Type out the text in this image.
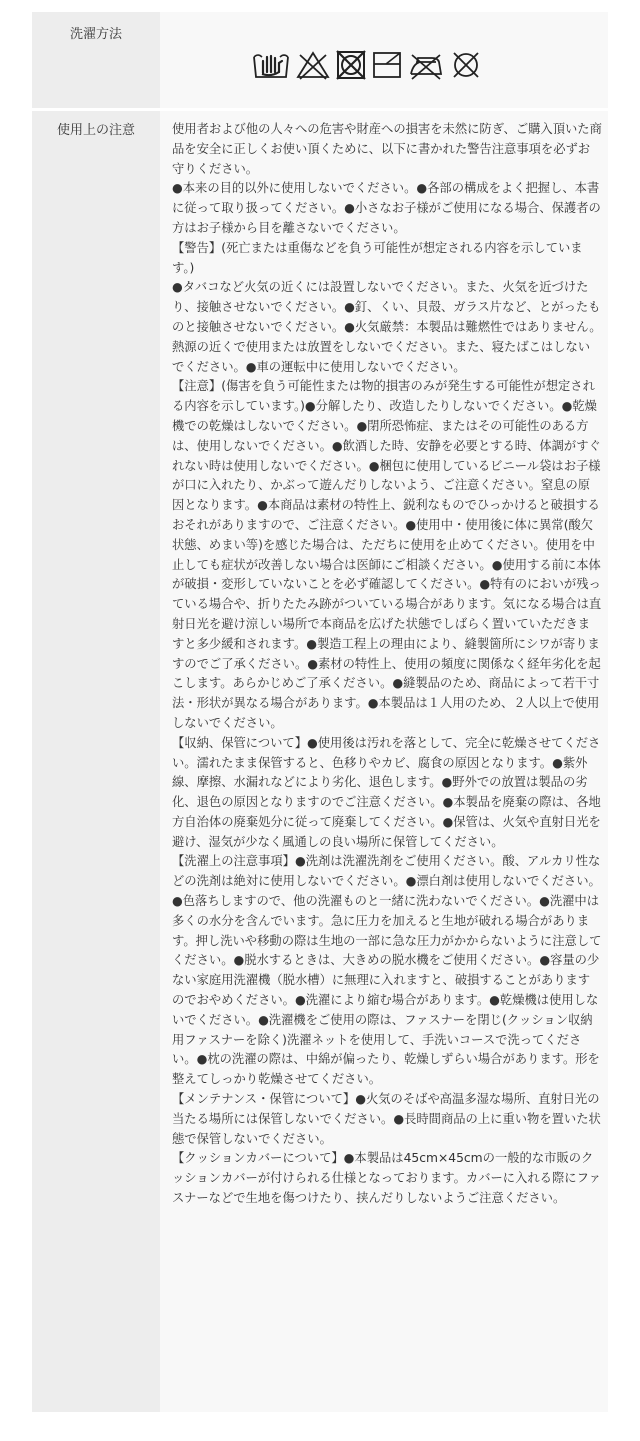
洗濯方法
使用上の注意	使用者および他の人々への危害や財産への損害を未然に防ぎ、ご購入頂いた商品を安全に正しくお使い頂くために、以下に書かれた警告注意事項を必ずお守りください。

●本来の目的以外に使用しないでください。●各部の構成をよく把握し、本書に従って取り扱ってください。●小さなお子様がご使用になる場合、保護者の方はお子様から目を離さないでください。

【警告】(死亡または重傷などを負う可能性が想定される内容を示しています。)

●タバコなど火気の近くには設置しないでください。また、火気を近づけたり、接触させないでください。●釘、くい、貝殻、ガラス片など、とがったものと接触させないでください。●火気厳禁：本製品は難燃性ではありません。熱源の近くで使用または放置をしないでください。また、寝たばこはしないでください。●車の運転中に使用しないでください。

【注意】(傷害を負う可能性または物的損害のみが発生する可能性が想定される内容を示しています。)●分解したり、改造したりしないでください。●乾燥機での乾燥はしないでください。●閉所恐怖症、またはその可能性のある方は、使用しないでください。●飲酒した時、安静を必要とする時、体調がすぐれない時は使用しないでください。●梱包に使用しているビニール袋はお子様が口に入れたり、かぶって遊んだりしないよう、ご注意ください。窒息の原因となります。●本商品は素材の特性上、鋭利なものでひっかけると破損するおそれがありますので、ご注意ください。●使用中・使用後に体に異常(酸欠状態、めまい等)を感じた場合は、ただちに使用を止めてください。使用を中止しても症状が改善しない場合は医師にご相談ください。●使用する前に本体が破損・変形していないことを必ず確認してください。●特有のにおいが残っている場合や、折りたたみ跡がついている場合があります。気になる場合は直射日光を避け涼しい場所で本商品を広げた状態でしばらく置いていただきますと多少緩和されます。●製造工程上の理由により、縫製箇所にシワが寄りますのでご了承ください。●素材の特性上、使用の頻度に関係なく経年劣化を起こします。あらかじめご了承ください。●縫製品のため、商品によって若干寸法・形状が異なる場合があります。●本製品は１人用のため、２人以上で使用しないでください。

【収納、保管について】●使用後は汚れを落として、完全に乾燥させてください。濡れたまま保管すると、色移りやカビ、腐食の原因となります。●紫外線、摩擦、水漏れなどにより劣化、退色します。●野外での放置は製品の劣化、退色の原因となりますのでご注意ください。●本製品を廃棄の際は、各地方自治体の廃棄処分に従って廃棄してください。●保管は、火気や直射日光を避け、湿気が少なく風通しの良い場所に保管してください。

【洗濯上の注意事項】●洗剤は洗濯洗剤をご使用ください。酸、アルカリ性などの洗剤は絶対に使用しないでください。●漂白剤は使用しないでください。●色落ちしますので、他の洗濯ものと一緒に洗わないでください。●洗濯中は多くの水分を含んでいます。急に圧力を加えると生地が破れる場合があります。押し洗いや移動の際は生地の一部に急な圧力がかからないように注意してください。●脱水するときは、大きめの脱水機をご使用ください。●容量の少ない家庭用洗濯機（脱水槽）に無理に入れますと、破損することがありますのでおやめください。●洗濯により縮む場合があります。●乾燥機は使用しないでください。●洗濯機をご使用の際は、ファスナーを閉じ(クッション収納用ファスナーを除く)洗濯ネットを使用して、手洗いコースで洗ってください。●枕の洗濯の際は、中綿が偏ったり、乾燥しずらい場合があります。形を整えてしっかり乾燥させてください。

【メンテナンス・保管について】●火気のそばや高温多湿な場所、直射日光の当たる場所には保管しないでください。●長時間商品の上に重い物を置いた状態で保管しないでください。

【クッションカバーについて】●本製品は45cm×45cmの一般的な市販のクッションカバーが付けられる仕様となっております。カバーに入れる際にファスナーなどで生地を傷つけたり、挟んだりしないようご注意ください。
